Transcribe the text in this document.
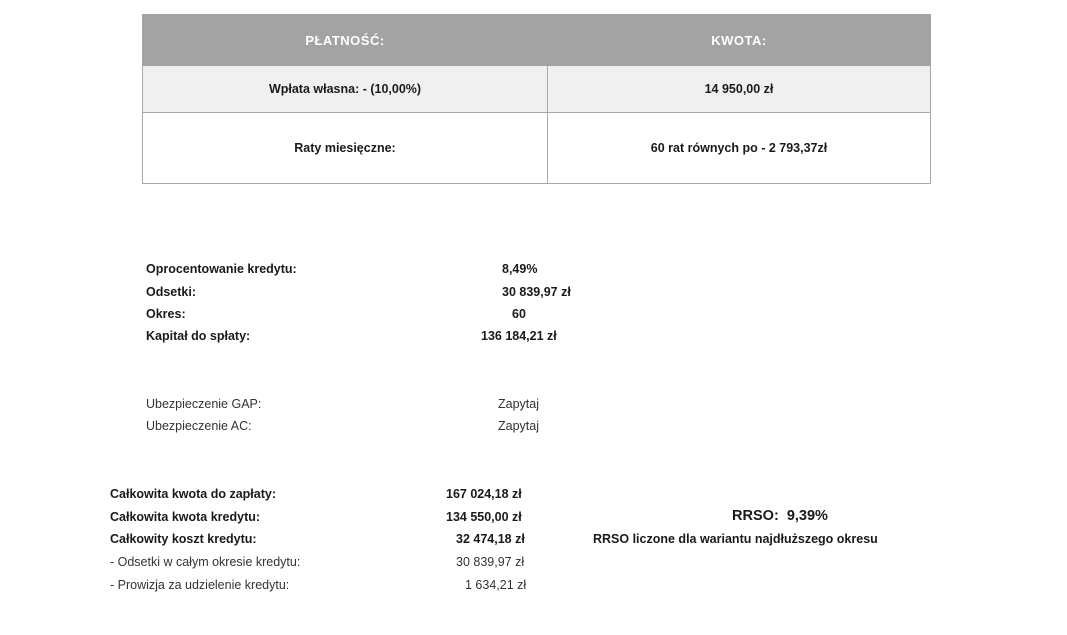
PŁATNOŚĆ:	KWOTA:
Wpłata własna: - (10,00%)	14 950,00 zł
Raty miesięczne:	60 rat równych po - 2 793,37zł
Oprocentowanie kredytu:	8,49%
Odsetki:	30 839,97 zł
Okres:	60
Kapitał do spłaty:	136 184,21 zł
Ubezpieczenie GAP:	Zapytaj
Ubezpieczenie AC:	Zapytaj
Całkowita kwota do zapłaty:	167 024,18 zł
Całkowita kwota kredytu:	134 550,00 zł
Całkowity koszt kredytu:	32 474,18 zł
- Odsetki w całym okresie kredytu:	30 839,97 zł
- Prowizja za udzielenie kredytu:	1 634,21 zł
RRSO: 9,39%
RRSO liczone dla wariantu najdłuższego okresu
